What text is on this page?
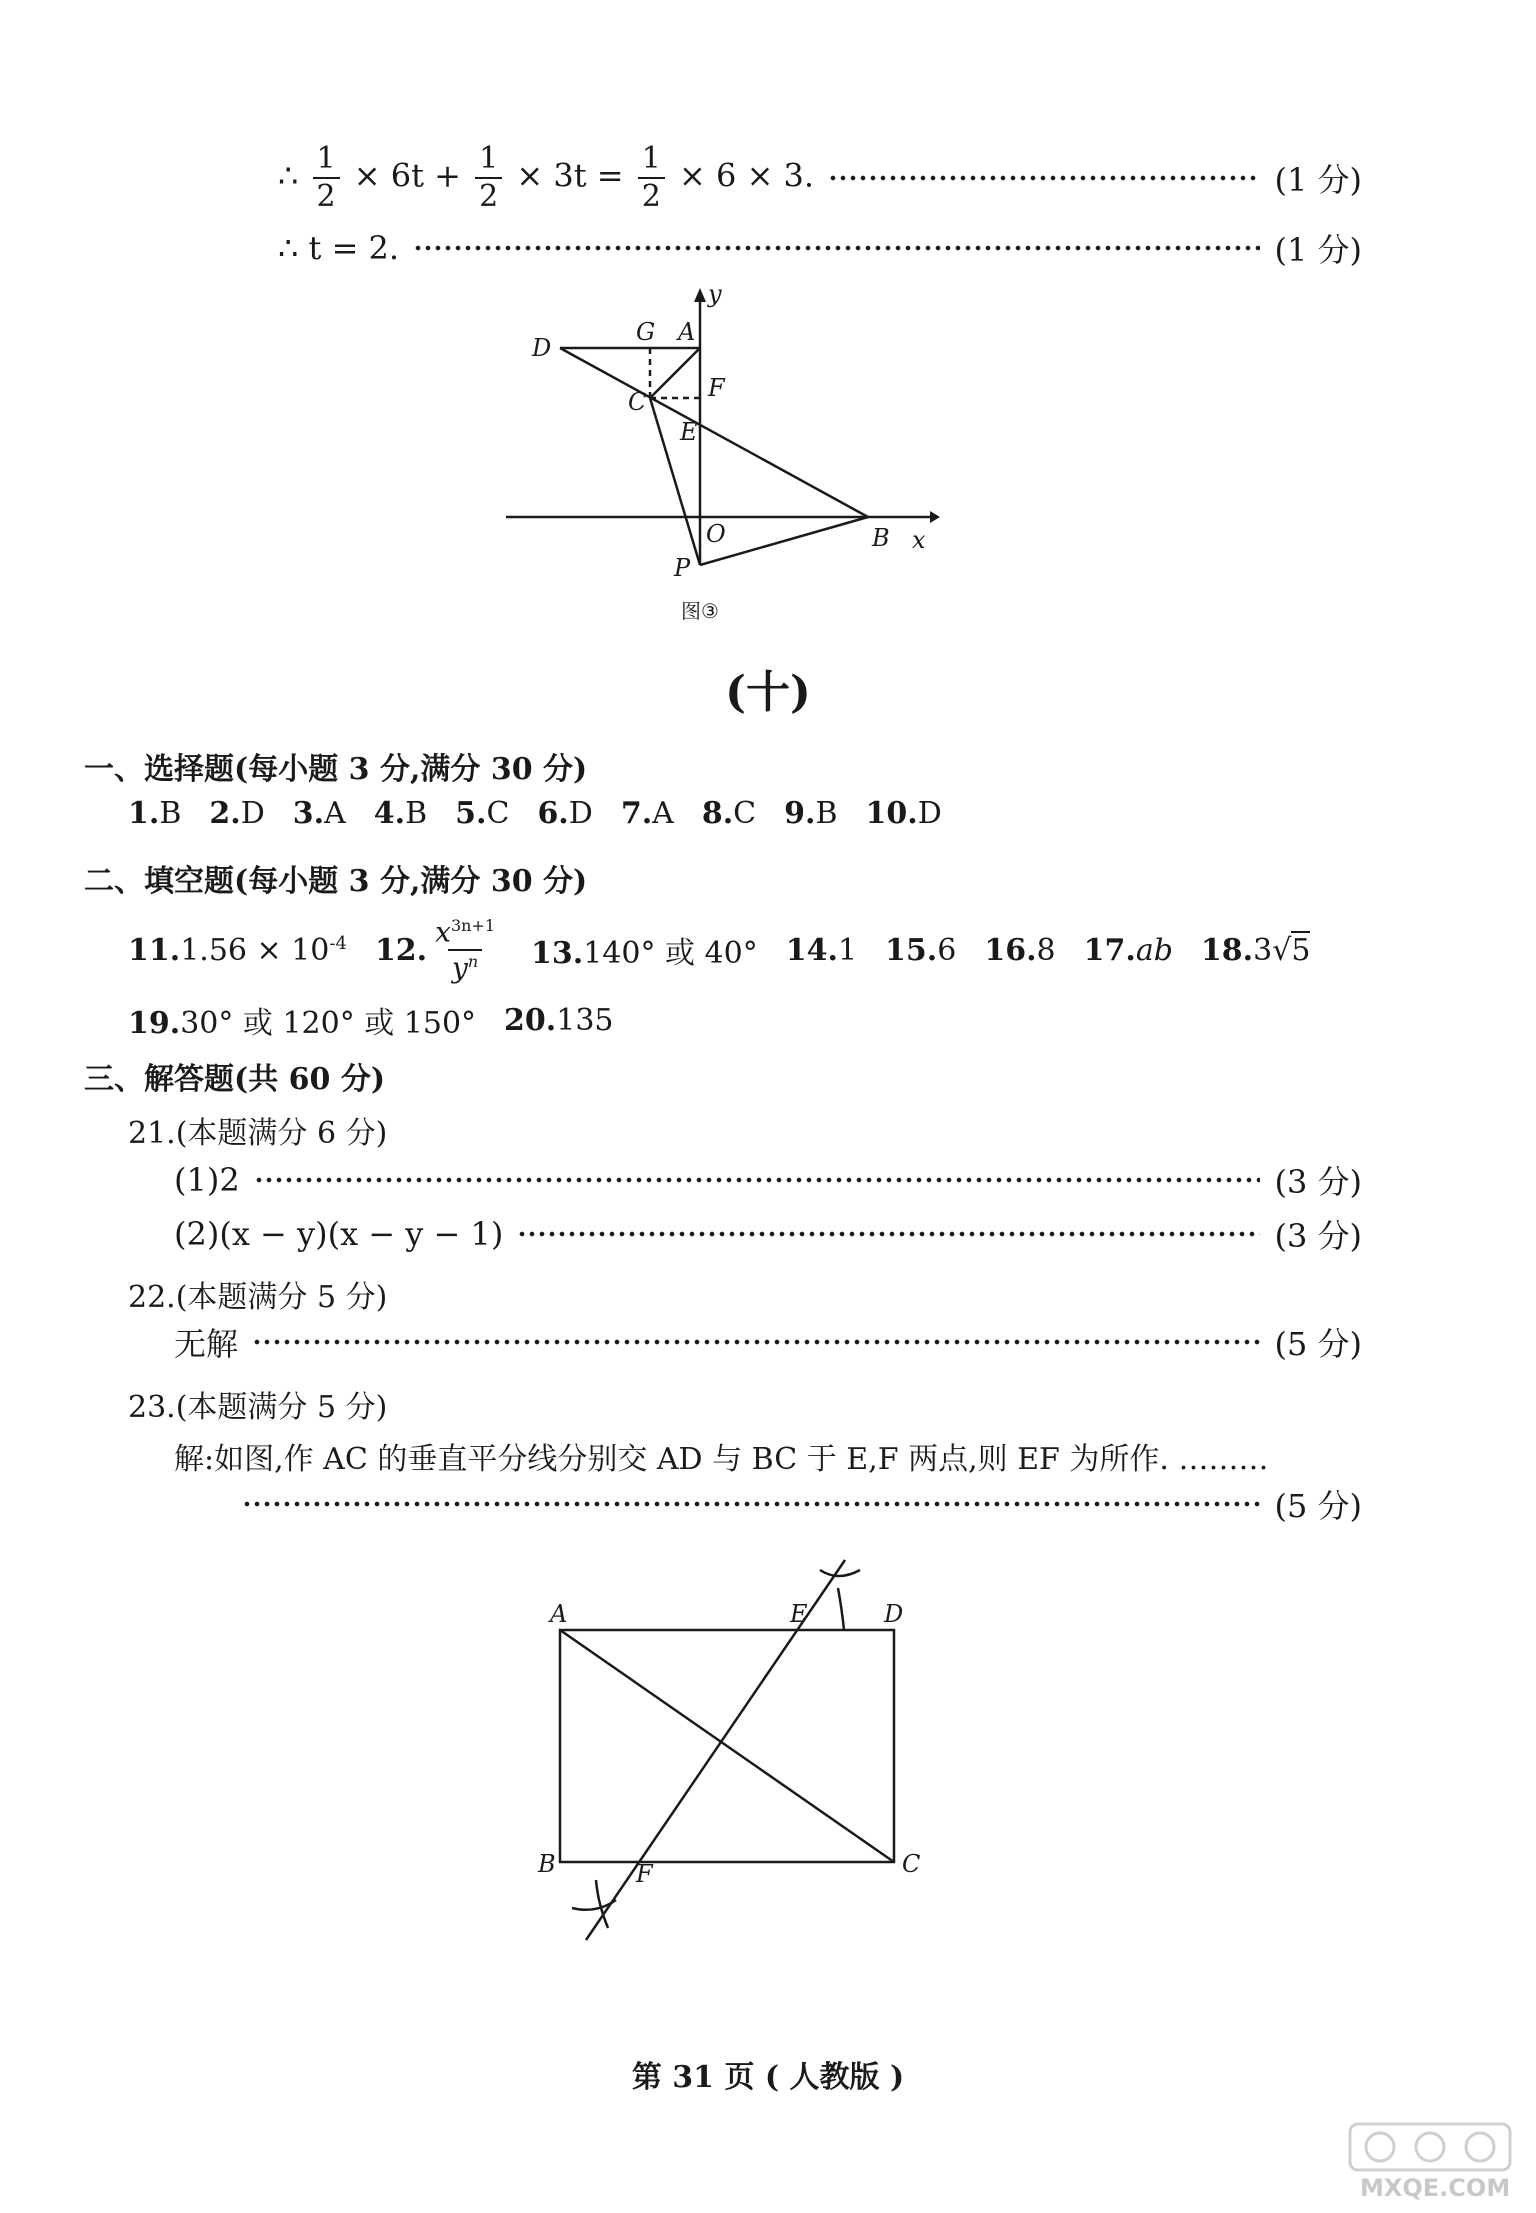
∴ $\frac{1}{2} \times 6t + \frac{1}{2} \times 3t = \frac{1}{2} \times 6 \times 3$.	(1 分)
∴ t = 2.	(1 分)
y
x
A
G
D
F
C
E
O	B
P
图③
(十)
一、选择题(每小题 3 分,满分 30 分)
1.B 2.D 3.A 4.B 5.C 6.D 7.A 8.C 9.B 10.D
二、填空题(每小题 3 分,满分 30 分)
$11.1.56 \times 10^{-4}$ 12. $\frac{x^{3n+1}}{y^n} 13.140^\circ$ 或 40° 14.1 15.6 16.8 17.ab 18.3√5
19.30° 或 120° 或 150° 20.135
三、解答题(共 60 分)
21.(本题满分 6 分)
(1)2	(3 分)
(2)(x − y)(x − y − 1)	(3 分)
22.(本题满分 5 分)
无解	(5 分)
23.(本题满分 5 分)
解:如图,作 AC 的垂直平分线分别交 AD 与 BC 于 E,F 两点,则 EF 为所作. ………
(5 分)
A	E	D
B	F	C
第 31 页 ( 人教版 )
MXQE.COM
